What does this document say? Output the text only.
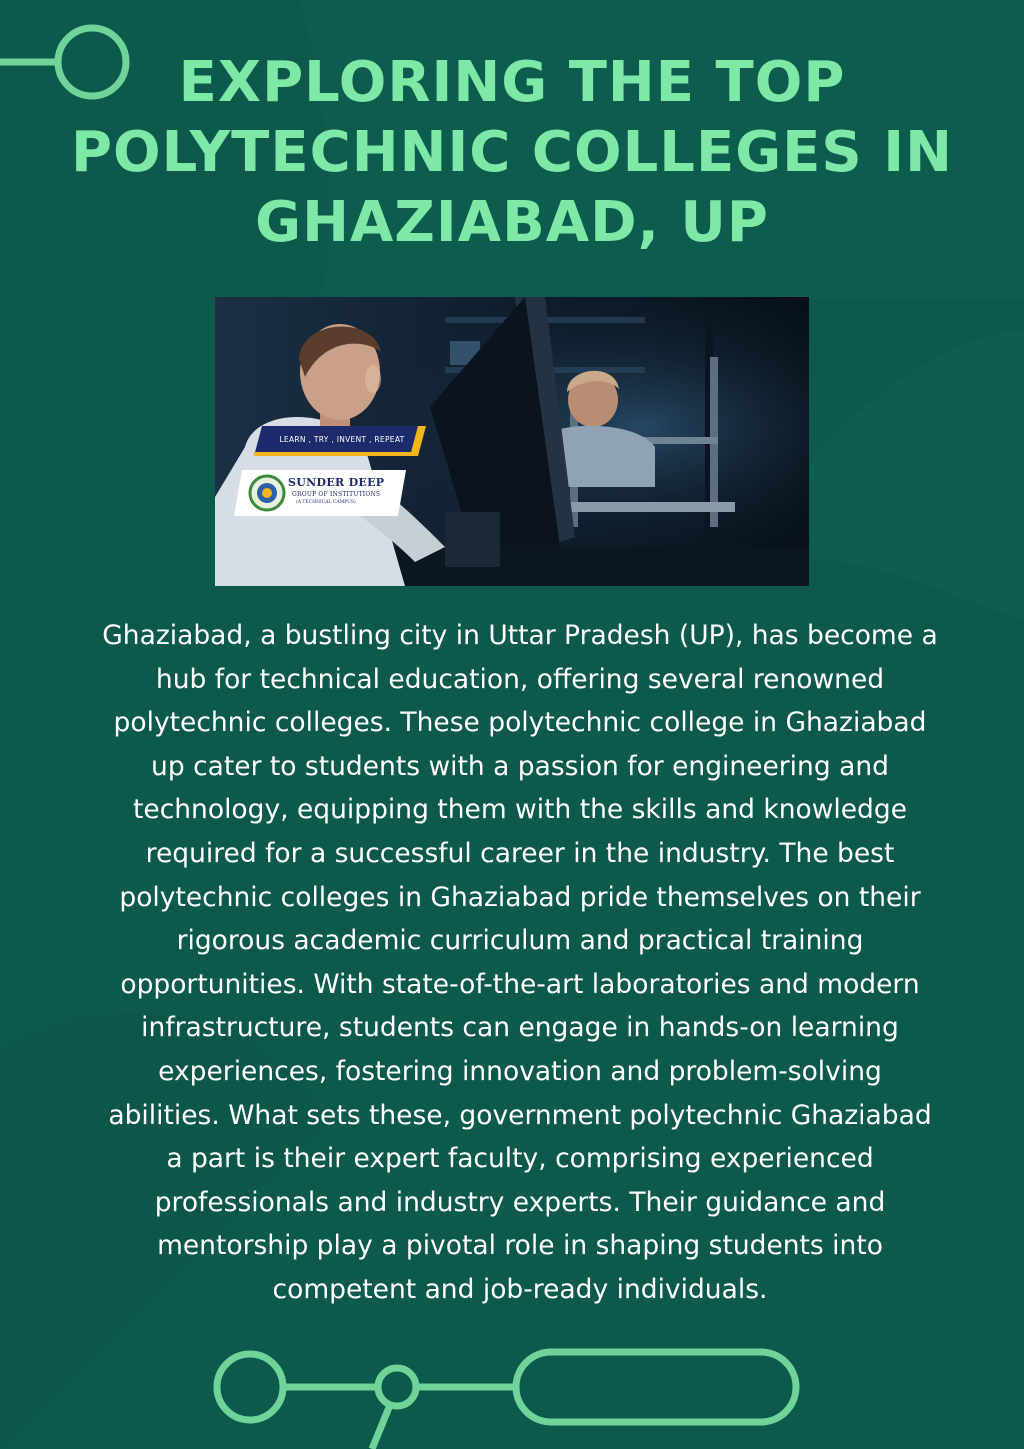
EXPLORING THE TOP
POLYTECHNIC COLLEGES IN
GHAZIABAD, UP
LEARN , TRY , INVENT , REPEAT
SUNDER DEEP
GROUP OF INSTITUTIONS
(A TECHNICAL CAMPUS)

Ghaziabad, a bustling city in Uttar Pradesh (UP), has become a
hub for technical education, offering several renowned
polytechnic colleges. These polytechnic college in Ghaziabad
up cater to students with a passion for engineering and
technology, equipping them with the skills and knowledge
required for a successful career in the industry. The best
polytechnic colleges in Ghaziabad pride themselves on their
rigorous academic curriculum and practical training
opportunities. With state-of-the-art laboratories and modern
infrastructure, students can engage in hands-on learning
experiences, fostering innovation and problem-solving
abilities. What sets these, government polytechnic Ghaziabad
a part is their expert faculty, comprising experienced
professionals and industry experts. Their guidance and
mentorship play a pivotal role in shaping students into
competent and job-ready individuals.
